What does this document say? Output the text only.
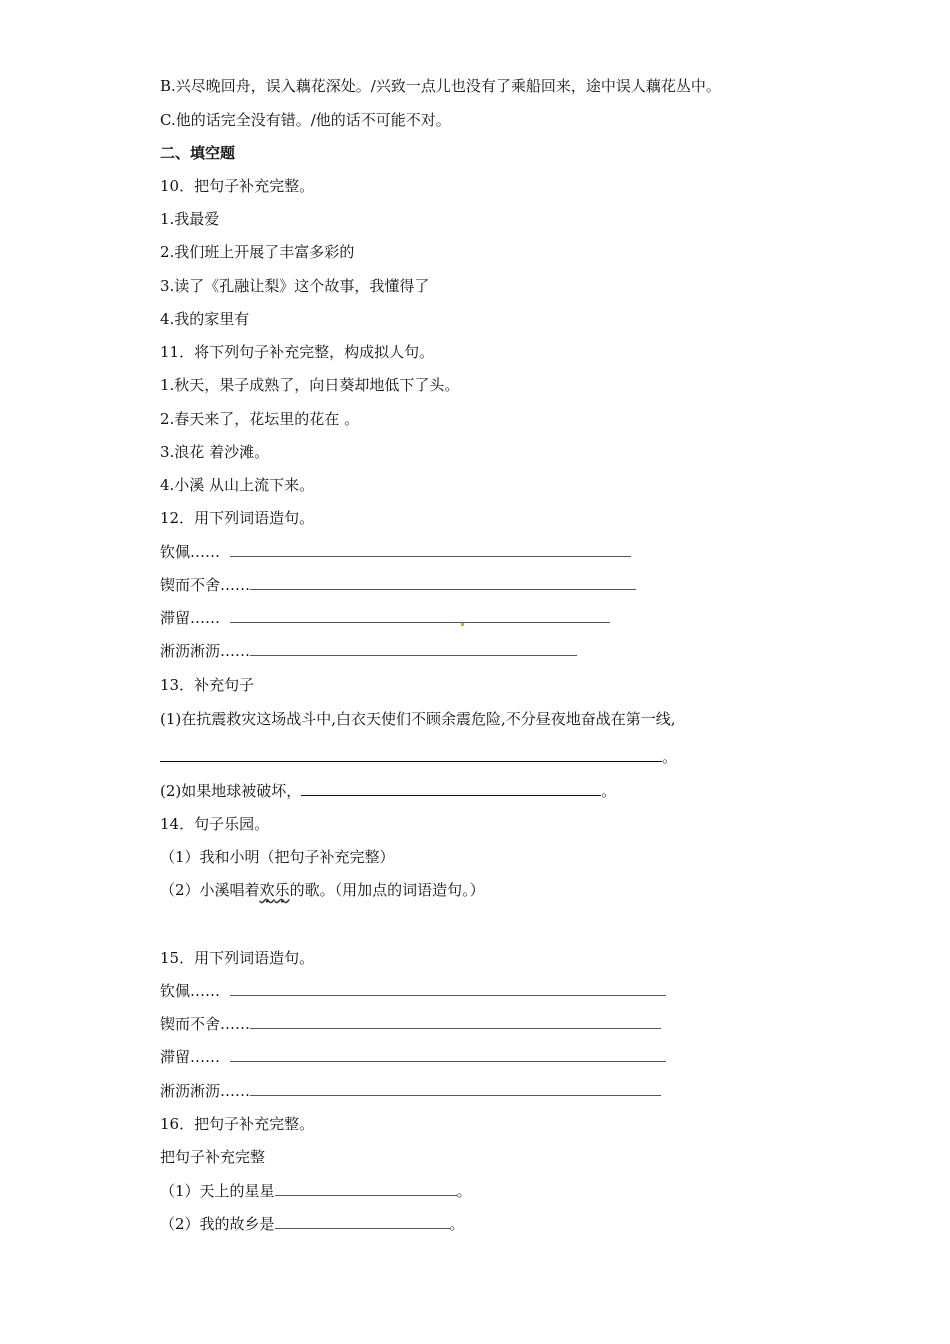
B.兴尽晚回舟，误入藕花深处。/兴致一点儿也没有了乘船回来，途中误人藕花丛中。
C.他的话完全没有错。/他的话不可能不对。
二、填空题
10．把句子补充完整。
1.我最爱
2.我们班上开展了丰富多彩的
3.读了《孔融让梨》这个故事，我懂得了
4.我的家里有
11．将下列句子补充完整，构成拟人句。
1.秋天，果子成熟了，向日葵却地低下了头。
2.春天来了，花坛里的花在 。
3.浪花 着沙滩。
4.小溪 从山上流下来。
12．用下列词语造句。
钦佩……
锲而不舍……
滞留……
淅沥淅沥……
13．补充句子
(1)在抗震救灾这场战斗中,白衣天使们不顾余震危险,不分昼夜地奋战在第一线,
。
(2)如果地球被破坏，	。
14．句子乐园。
（1）我和小明（把句子补充完整）
（2）小溪唱着欢乐的歌。（用加点的词语造句。）
15．用下列词语造句。
钦佩……
锲而不舍……
滞留……
淅沥淅沥……
16．把句子补充完整。
把句子补充完整
（1）天上的星星	。
（2）我的故乡是	。
